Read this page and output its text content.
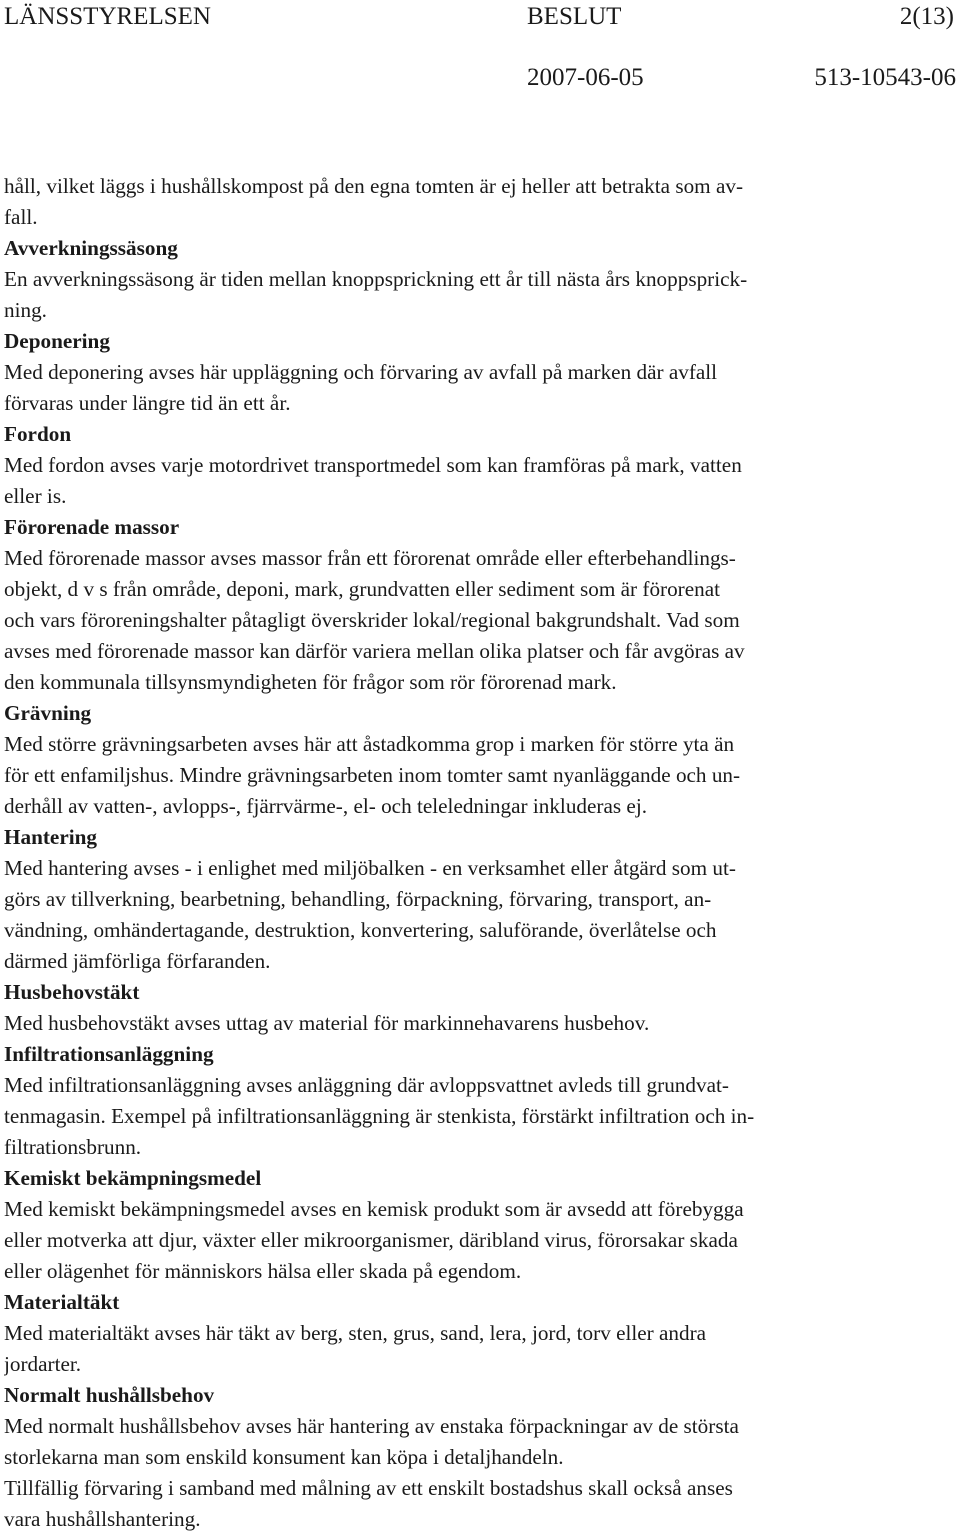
LÄNSSTYRELSEN	BESLUT	2(13)
2007-06-05	513-10543-06
håll, vilket läggs i hushållskompost på den egna tomten är ej heller att betrakta som av-
fall.
Avverkningssäsong
En avverkningssäsong är tiden mellan knoppsprickning ett år till nästa års knoppsprick-
ning.
Deponering
Med deponering avses här uppläggning och förvaring av avfall på marken där avfall
förvaras under längre tid än ett år.
Fordon
Med fordon avses varje motordrivet transportmedel som kan framföras på mark, vatten
eller is.
Förorenade massor
Med förorenade massor avses massor från ett förorenat område eller efterbehandlings-
objekt, d v s från område, deponi, mark, grundvatten eller sediment som är förorenat
och vars föroreningshalter påtagligt överskrider lokal/regional bakgrundshalt. Vad som
avses med förorenade massor kan därför variera mellan olika platser och får avgöras av
den kommunala tillsynsmyndigheten för frågor som rör förorenad mark.
Grävning
Med större grävningsarbeten avses här att åstadkomma grop i marken för större yta än
för ett enfamiljshus. Mindre grävningsarbeten inom tomter samt nyanläggande och un-
derhåll av vatten-, avlopps-, fjärrvärme-, el- och teleledningar inkluderas ej.
Hantering
Med hantering avses - i enlighet med miljöbalken - en verksamhet eller åtgärd som ut-
görs av tillverkning, bearbetning, behandling, förpackning, förvaring, transport, an-
vändning, omhändertagande, destruktion, konvertering, saluförande, överlåtelse och
därmed jämförliga förfaranden.
Husbehovstäkt
Med husbehovstäkt avses uttag av material för markinnehavarens husbehov.
Infiltrationsanläggning
Med infiltrationsanläggning avses anläggning där avloppsvattnet avleds till grundvat-
tenmagasin. Exempel på infiltrationsanläggning är stenkista, förstärkt infiltration och in-
filtrationsbrunn.
Kemiskt bekämpningsmedel
Med kemiskt bekämpningsmedel avses en kemisk produkt som är avsedd att förebygga
eller motverka att djur, växter eller mikroorganismer, däribland virus, förorsakar skada
eller olägenhet för människors hälsa eller skada på egendom.
Materialtäkt
Med materialtäkt avses här täkt av berg, sten, grus, sand, lera, jord, torv eller andra
jordarter.
Normalt hushållsbehov
Med normalt hushållsbehov avses här hantering av enstaka förpackningar av de största
storlekarna man som enskild konsument kan köpa i detaljhandeln.
Tillfällig förvaring i samband med målning av ett enskilt bostadshus skall också anses
vara hushållshantering.
